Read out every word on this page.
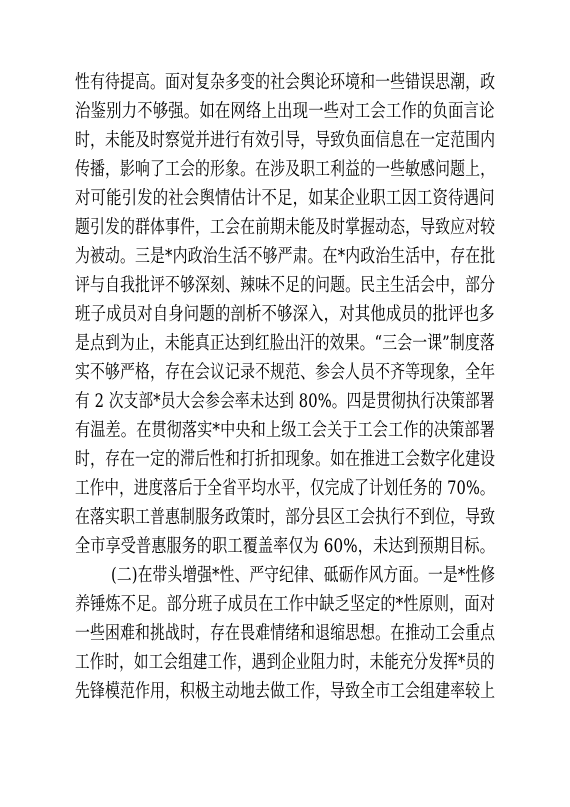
性有待提高。面对复杂多变的社会舆论环境和一些错误思潮，政
治鉴别力不够强。如在网络上出现一些对工会工作的负面言论
时，未能及时察觉并进行有效引导，导致负面信息在一定范围内
传播，影响了工会的形象。在涉及职工利益的一些敏感问题上，
对可能引发的社会舆情估计不足，如某企业职工因工资待遇问
题引发的群体事件，工会在前期未能及时掌握动态，导致应对较
为被动。三是*内政治生活不够严肃。在*内政治生活中，存在批
评与自我批评不够深刻、辣味不足的问题。民主生活会中，部分
班子成员对自身问题的剖析不够深入，对其他成员的批评也多
是点到为止，未能真正达到红脸出汗的效果。“三会一课”制度落
实不够严格，存在会议记录不规范、参会人员不齐等现象，全年
有 2 次支部*员大会参会率未达到 80%。四是贯彻执行决策部署
有温差。在贯彻落实*中央和上级工会关于工会工作的决策部署
时，存在一定的滞后性和打折扣现象。如在推进工会数字化建设
工作中，进度落后于全省平均水平，仅完成了计划任务的 70%。
在落实职工普惠制服务政策时，部分县区工会执行不到位，导致
全市享受普惠服务的职工覆盖率仅为 60%，未达到预期目标。
(二)在带头增强*性、严守纪律、砥砺作风方面。一是*性修
养锤炼不足。部分班子成员在工作中缺乏坚定的*性原则，面对
一些困难和挑战时，存在畏难情绪和退缩思想。在推动工会重点
工作时，如工会组建工作，遇到企业阻力时，未能充分发挥*员的
先锋模范作用，积极主动地去做工作，导致全市工会组建率较上
